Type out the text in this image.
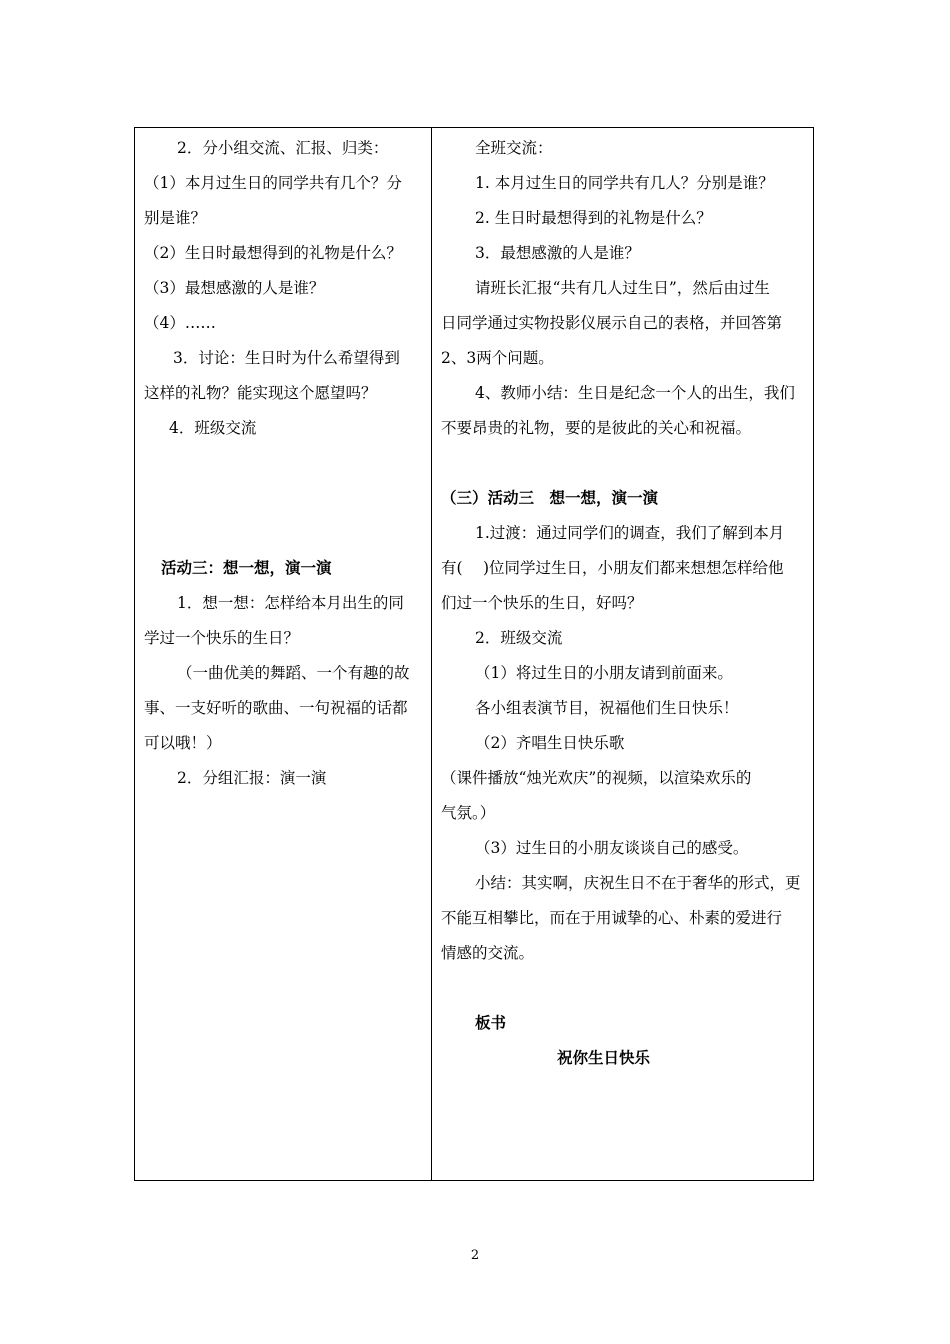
2．分小组交流、汇报、归类：
（1）本月过生日的同学共有几个？分
别是谁？
（2）生日时最想得到的礼物是什么？
（3）最想感激的人是谁？
（4）……
3．讨论：生日时为什么希望得到
这样的礼物？能实现这个愿望吗？
4．班级交流
活动三：想一想，演一演
1．想一想：怎样给本月出生的同
学过一个快乐的生日？
（一曲优美的舞蹈、一个有趣的故
事、一支好听的歌曲、一句祝福的话都
可以哦！）
2．分组汇报：演一演
全班交流：
1. 本月过生日的同学共有几人？分别是谁？
2. 生日时最想得到的礼物是什么？
3．最想感激的人是谁？
请班长汇报“共有几人过生日”，然后由过生
日同学通过实物投影仪展示自己的表格，并回答第
2、3两个问题。
4、教师小结：生日是纪念一个人的出生，我们
不要昂贵的礼物，要的是彼此的关心和祝福。
（三）活动三　想一想，演一演
1.过渡：通过同学们的调查，我们了解到本月
有(　 )位同学过生日，小朋友们都来想想怎样给他
们过一个快乐的生日，好吗？
2．班级交流
（1）将过生日的小朋友请到前面来。
各小组表演节目，祝福他们生日快乐！
（2）齐唱生日快乐歌
（课件播放“烛光欢庆”的视频，以渲染欢乐的
气氛。）
（3）过生日的小朋友谈谈自己的感受。
小结：其实啊，庆祝生日不在于奢华的形式，更
不能互相攀比，而在于用诚挚的心、朴素的爱进行
情感的交流。
板书
祝你生日快乐
2
